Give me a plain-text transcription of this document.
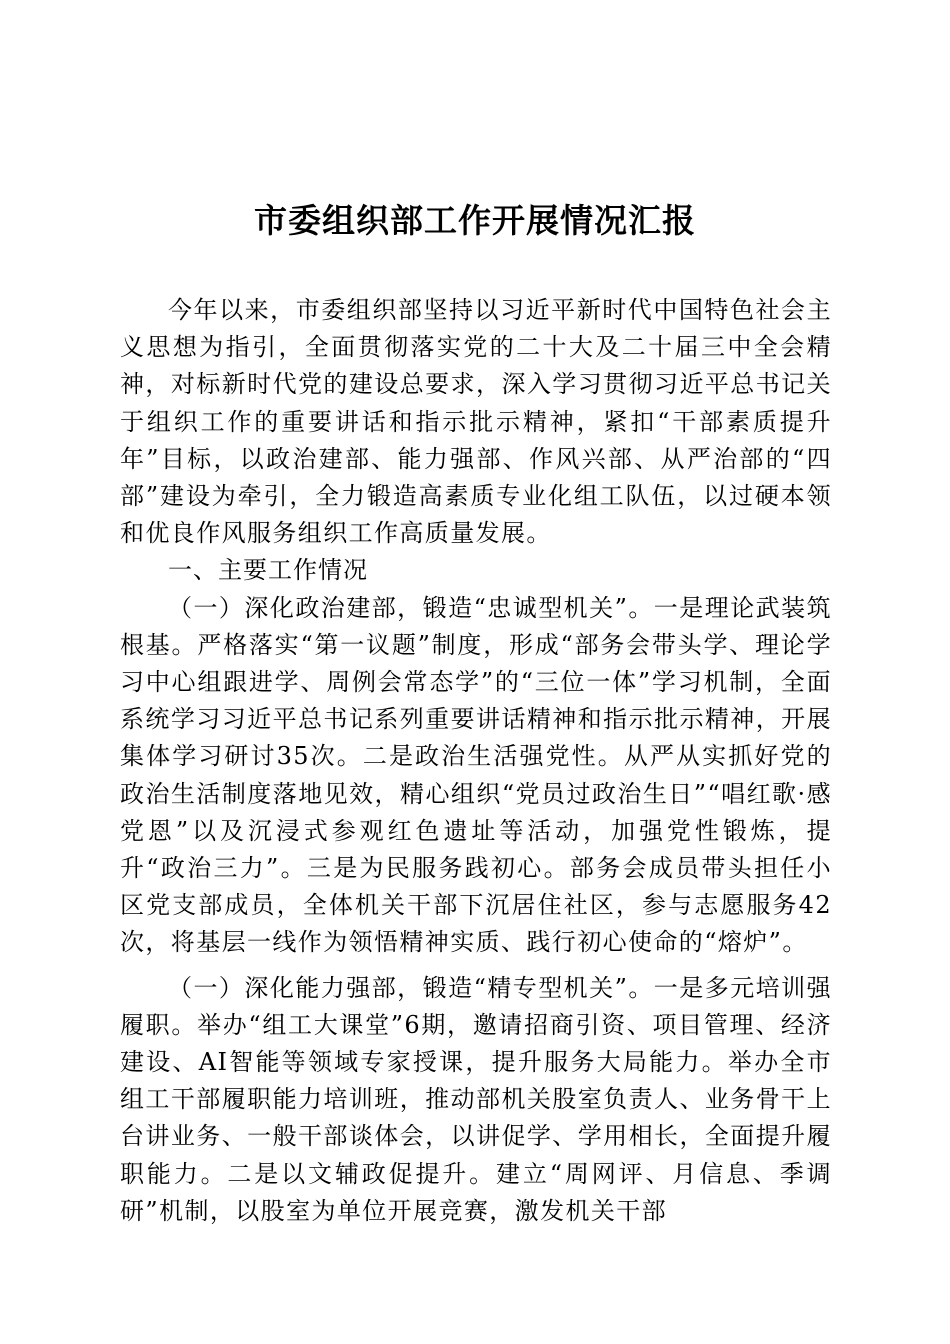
市委组织部工作开展情况汇报

今年以来，市委组织部坚持以习近平新时代中国特色社会主义思想为指引，全面贯彻落实党的二十大及二十届三中全会精神，对标新时代党的建设总要求，深入学习贯彻习近平总书记关于组织工作的重要讲话和指示批示精神，紧扣“干部素质提升年”目标，以政治建部、能力强部、作风兴部、从严治部的“四部”建设为牵引，全力锻造高素质专业化组工队伍，以过硬本领和优良作风服务组织工作高质量发展。

一、主要工作情况

（一）深化政治建部，锻造“忠诚型机关”。一是理论武装筑根基。严格落实“第一议题”制度，形成“部务会带头学、理论学习中心组跟进学、周例会常态学”的“三位一体”学习机制，全面系统学习习近平总书记系列重要讲话精神和指示批示精神，开展集体学习研讨35次。二是政治生活强党性。从严从实抓好党的政治生活制度落地见效，精心组织“党员过政治生日”“唱红歌·感党恩”以及沉浸式参观红色遗址等活动，加强党性锻炼，提升“政治三力”。三是为民服务践初心。部务会成员带头担任小区党支部成员，全体机关干部下沉居住社区，参与志愿服务42次，将基层一线作为领悟精神实质、践行初心使命的“熔炉”。

（一）深化能力强部，锻造“精专型机关”。一是多元培训强履职。举办“组工大课堂”6期，邀请招商引资、项目管理、经济建设、AI智能等领域专家授课，提升服务大局能力。举办全市组工干部履职能力培训班，推动部机关股室负责人、业务骨干上台讲业务、一般干部谈体会，以讲促学、学用相长，全面提升履职能力。二是以文辅政促提升。建立“周网评、月信息、季调研”机制，以股室为单位开展竞赛，激发机关干部
